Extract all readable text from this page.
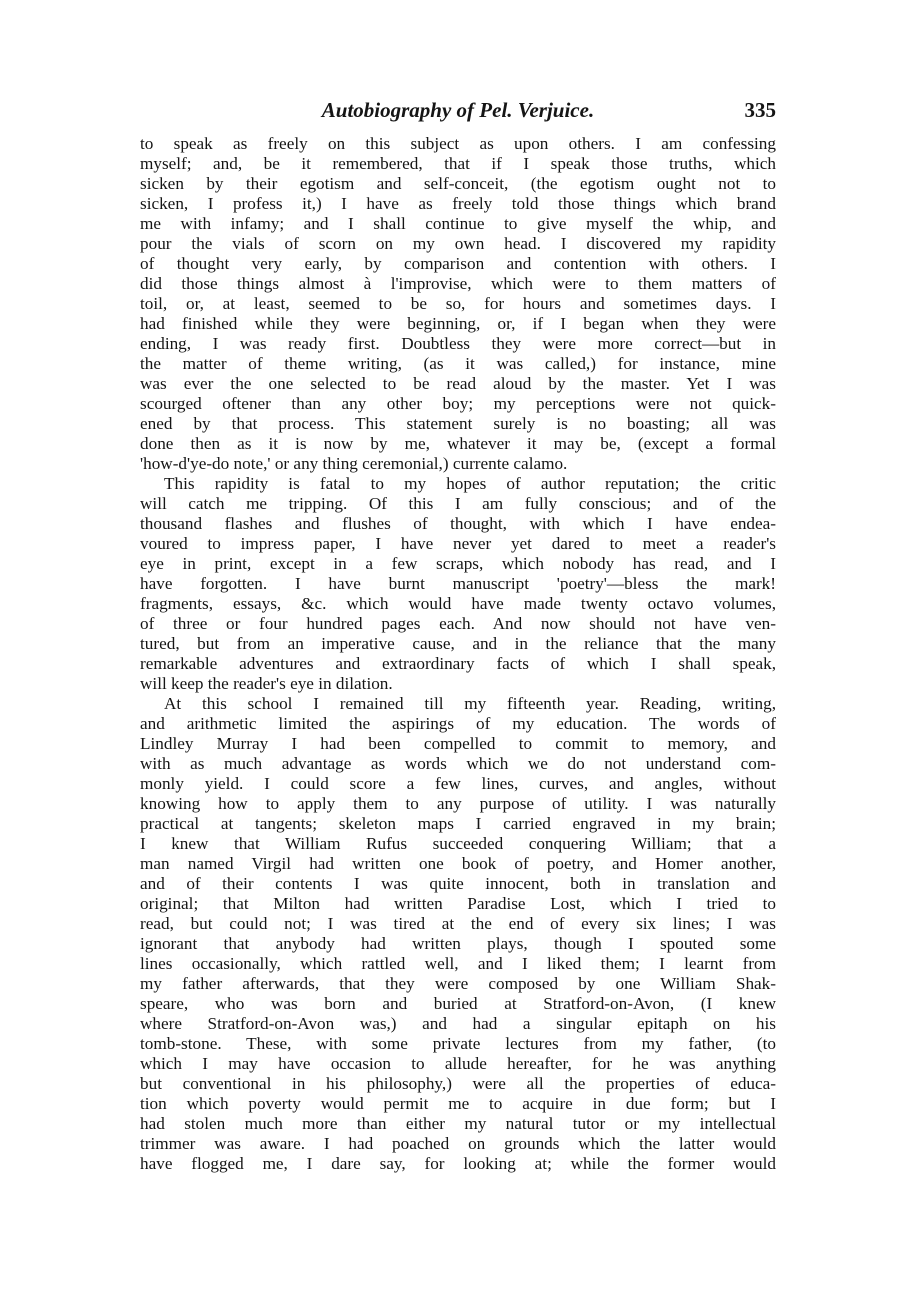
Autobiography of Pel. Verjuice.	335

to speak as freely on this subject as upon others. I am confessing

myself; and, be it remembered, that if I speak those truths, which

sicken by their egotism and self-conceit, (the egotism ought not to

sicken, I profess it,) I have as freely told those things which brand

me with infamy; and I shall continue to give myself the whip, and

pour the vials of scorn on my own head. I discovered my rapidity

of thought very early, by comparison and contention with others. I

did those things almost à l'improvise, which were to them matters of

toil, or, at least, seemed to be so, for hours and sometimes days. I

had finished while they were beginning, or, if I began when they were

ending, I was ready first. Doubtless they were more correct—but in

the matter of theme writing, (as it was called,) for instance, mine

was ever the one selected to be read aloud by the master. Yet I was

scourged oftener than any other boy; my perceptions were not quick-

ened by that process. This statement surely is no boasting; all was

done then as it is now by me, whatever it may be, (except a formal

'how-d'ye-do note,' or any thing ceremonial,) currente calamo.

This rapidity is fatal to my hopes of author reputation; the critic

will catch me tripping. Of this I am fully conscious; and of the

thousand flashes and flushes of thought, with which I have endea-

voured to impress paper, I have never yet dared to meet a reader's

eye in print, except in a few scraps, which nobody has read, and I

have forgotten. I have burnt manuscript 'poetry'—bless the mark!

fragments, essays, &c. which would have made twenty octavo volumes,

of three or four hundred pages each. And now should not have ven-

tured, but from an imperative cause, and in the reliance that the many

remarkable adventures and extraordinary facts of which I shall speak,

will keep the reader's eye in dilation.

At this school I remained till my fifteenth year. Reading, writing,

and arithmetic limited the aspirings of my education. The words of

Lindley Murray I had been compelled to commit to memory, and

with as much advantage as words which we do not understand com-

monly yield. I could score a few lines, curves, and angles, without

knowing how to apply them to any purpose of utility. I was naturally

practical at tangents; skeleton maps I carried engraved in my brain;

I knew that William Rufus succeeded conquering William; that a

man named Virgil had written one book of poetry, and Homer another,

and of their contents I was quite innocent, both in translation and

original; that Milton had written Paradise Lost, which I tried to

read, but could not; I was tired at the end of every six lines; I was

ignorant that anybody had written plays, though I spouted some

lines occasionally, which rattled well, and I liked them; I learnt from

my father afterwards, that they were composed by one William Shak-

speare, who was born and buried at Stratford-on-Avon, (I knew

where Stratford-on-Avon was,) and had a singular epitaph on his

tomb-stone. These, with some private lectures from my father, (to

which I may have occasion to allude hereafter, for he was anything

but conventional in his philosophy,) were all the properties of educa-

tion which poverty would permit me to acquire in due form; but I

had stolen much more than either my natural tutor or my intellectual

trimmer was aware. I had poached on grounds which the latter would

have flogged me, I dare say, for looking at; while the former would
